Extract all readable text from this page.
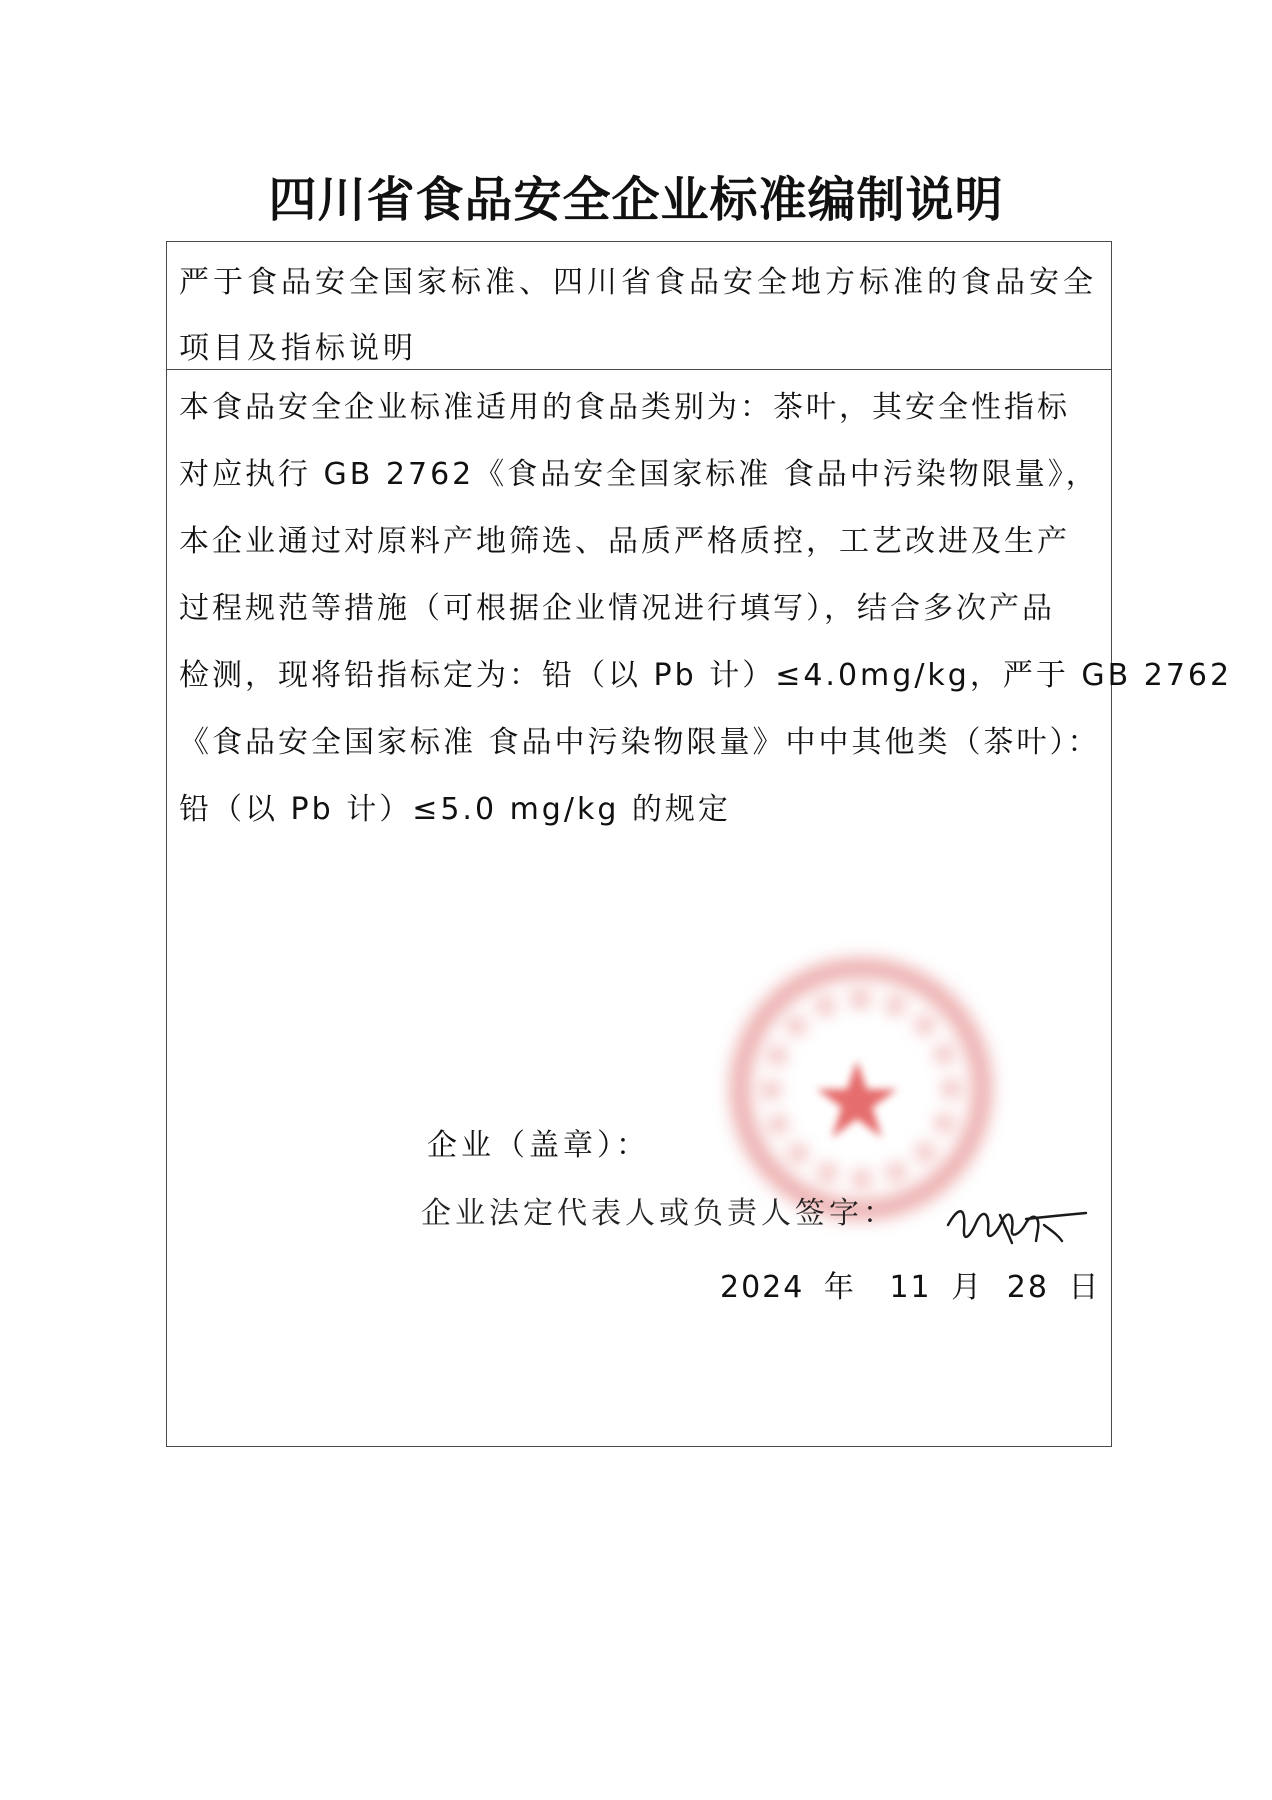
四川省食品安全企业标准编制说明
严于食品安全国家标准、四川省食品安全地方标准的食品安全
项目及指标说明
本食品安全企业标准适用的食品类别为：茶叶，其安全性指标
对应执行 GB 2762《食品安全国家标准 食品中污染物限量》，
本企业通过对原料产地筛选、品质严格质控，工艺改进及生产
过程规范等措施（可根据企业情况进行填写），结合多次产品
检测，现将铅指标定为：铅（以 Pb 计）≤4.0mg/kg，严于 GB 2762
《食品安全国家标准 食品中污染物限量》中中其他类（茶叶）：
铅（以 Pb 计）≤5.0 mg/kg 的规定
企业（盖章）：
企业法定代表人或负责人签字：
2024 年 11 月 28 日
